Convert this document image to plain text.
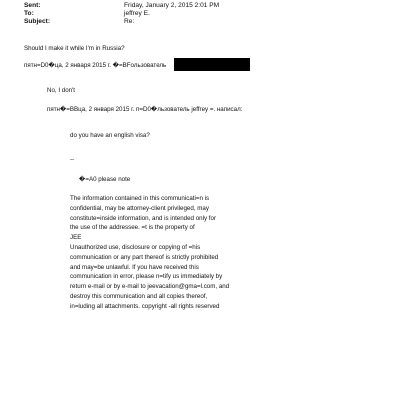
Sent:	Friday, January 2, 2015 2:01 PM
To:	jeffrey E.
Subject:	Re:
Should I make it while I'm in Russia?
пятн=D0�ца, 2 января 2015 г. �=BFользователь
No, I don't
пятн�=BBца, 2 января 2015 г. п=D0�льзователь jeffrey =. написал:
do you have an english visa?
--
�=A0 please note
The information contained in this communicati=n is
confidential, may be attorney-client privileged, may
constitute=inside information, and is intended only for
the use of the addressee. =t is the property of
JEE
Unauthorized use, disclosure or copying of =his
communication or any part thereof is strictly prohibited
and may=be unlawful. If you have received this
communication in error, please n=tify us immediately by
return e-mail or by e-mail to jeevacation@gma=l.com, and
destroy this communication and all copies thereof,
in=luding all attachments. copyright -all rights reserved
